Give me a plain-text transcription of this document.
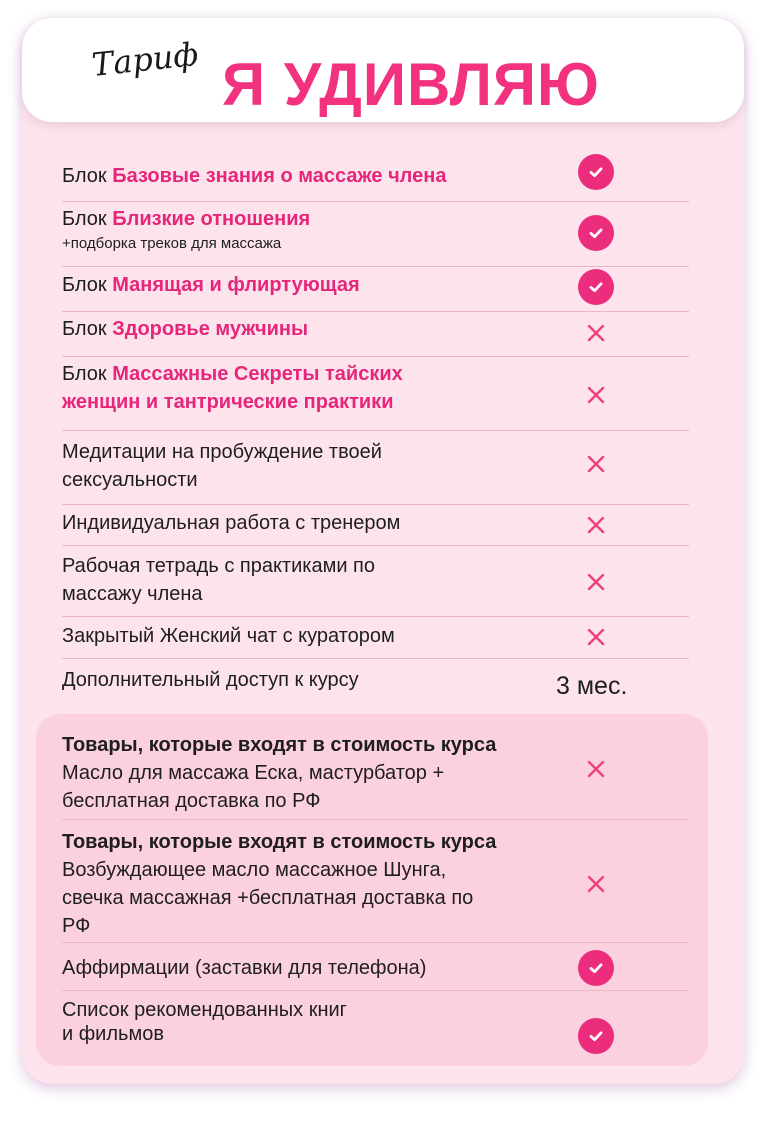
Тариф Я УДИВЛЯЮ
Блок Базовые знания о массаже члена
Блок Близкие отношения
+подборка треков для массажа
Блок Манящая и флиртующая
Блок Здоровье мужчины
Блок Массажные Секреты тайских
женщин и тантрические практики
Медитации на пробуждение твоей
сексуальности
Индивидуальная работа с тренером
Рабочая тетрадь с практиками по
массажу члена
Закрытый Женский чат с куратором
Дополнительный доступ к курсу	3 мес.
Товары, которые входят в стоимость курса
Масло для массажа Еска, мастурбатор +
бесплатная доставка по РФ
Товары, которые входят в стоимость курса
Возбуждающее масло массажное Шунга,
свечка массажная +бесплатная доставка по
РФ
Аффирмации (заставки для телефона)
Список рекомендованных книг
и фильмов
